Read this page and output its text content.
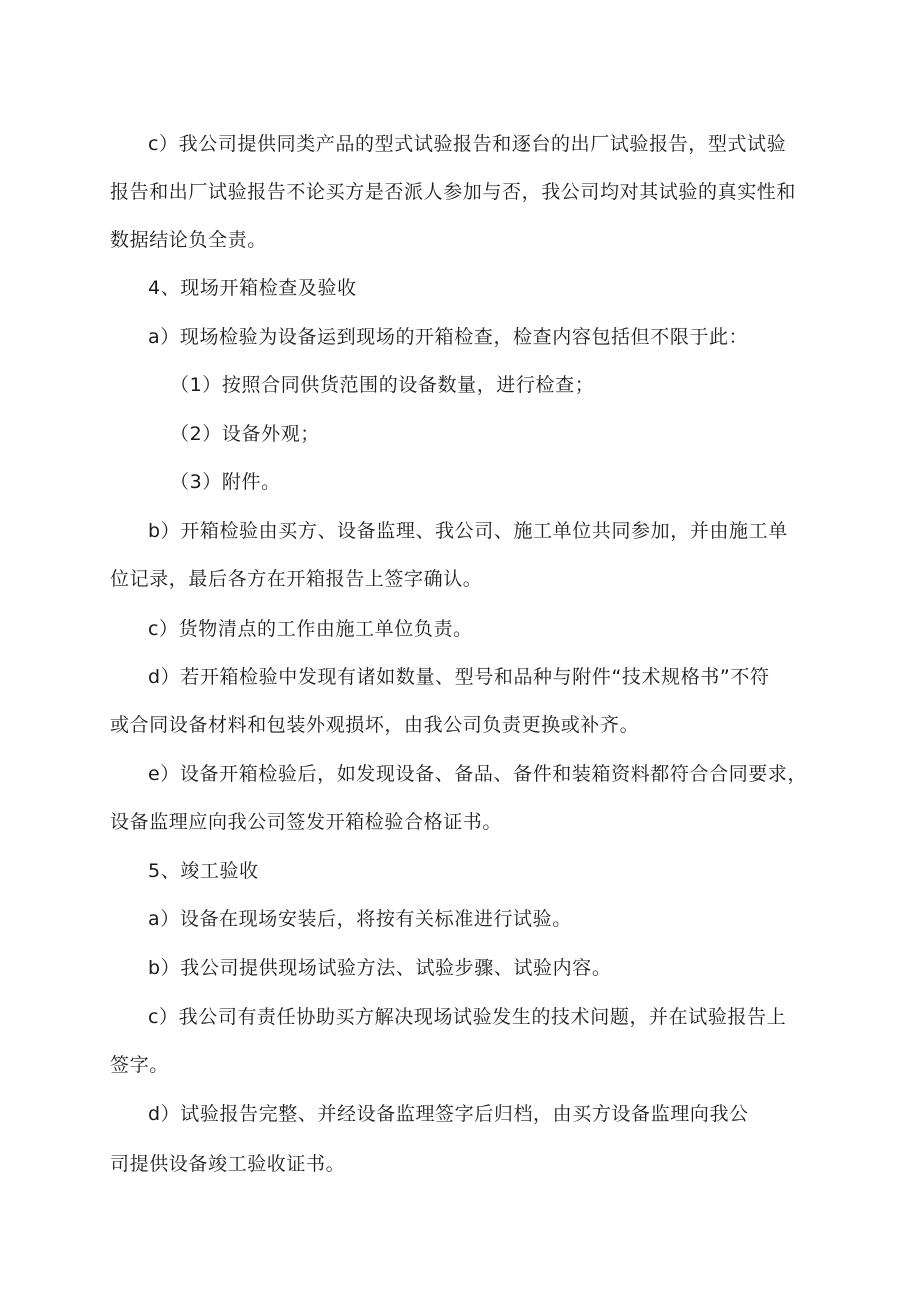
c）我公司提供同类产品的型式试验报告和逐台的出厂试验报告，型式试验
报告和出厂试验报告不论买方是否派人参加与否，我公司均对其试验的真实性和
数据结论负全责。
4、现场开箱检查及验收
a）现场检验为设备运到现场的开箱检查，检查内容包括但不限于此：
（1）按照合同供货范围的设备数量，进行检查；
（2）设备外观；
（3）附件。
b）开箱检验由买方、设备监理、我公司、施工单位共同参加，并由施工单
位记录，最后各方在开箱报告上签字确认。
c）货物清点的工作由施工单位负责。
d）若开箱检验中发现有诸如数量、型号和品种与附件“技术规格书”不符
或合同设备材料和包装外观损坏，由我公司负责更换或补齐。
e）设备开箱检验后，如发现设备、备品、备件和装箱资料都符合合同要求，
设备监理应向我公司签发开箱检验合格证书。
5、竣工验收
a）设备在现场安装后，将按有关标准进行试验。
b）我公司提供现场试验方法、试验步骤、试验内容。
c）我公司有责任协助买方解决现场试验发生的技术问题，并在试验报告上
签字。
d）试验报告完整、并经设备监理签字后归档，由买方设备监理向我公
司提供设备竣工验收证书。
